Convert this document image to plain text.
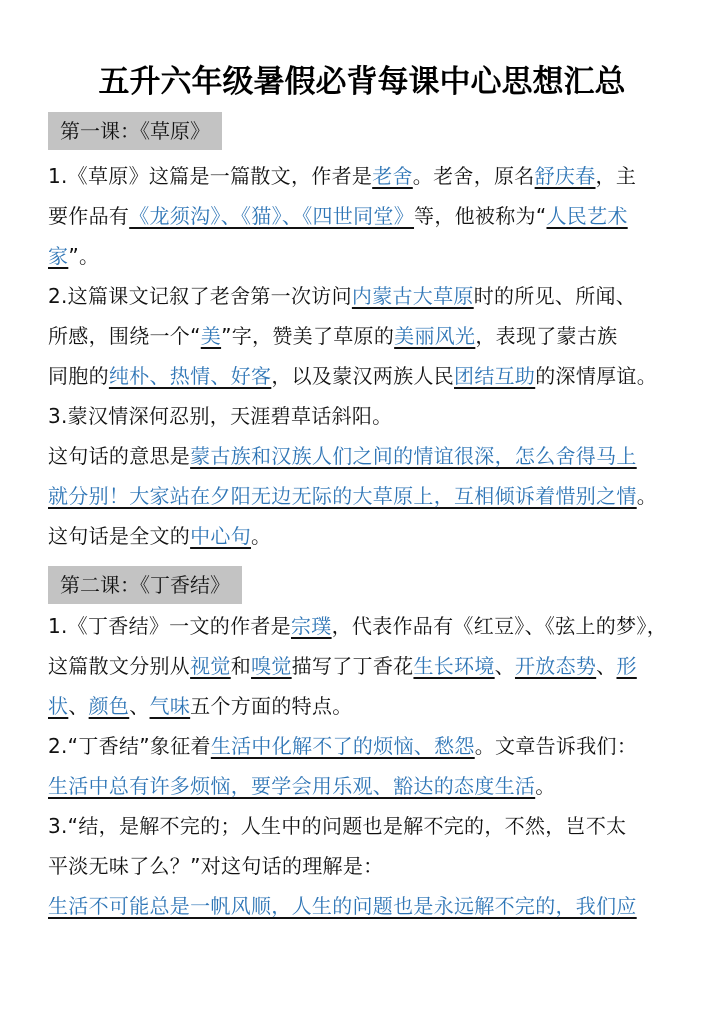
五升六年级暑假必背每课中心思想汇总
第一课：《草原》
1.《草原》这篇是一篇散文，作者是老舍。老舍，原名舒庆春，主
要作品有《龙须沟》、《猫》、《四世同堂》等，他被称为“人民艺术
家”。
2.这篇课文记叙了老舍第一次访问内蒙古大草原时的所见、所闻、
所感，围绕一个“美”字，赞美了草原的美丽风光，表现了蒙古族
同胞的纯朴、热情、好客，以及蒙汉两族人民团结互助的深情厚谊。
3.蒙汉情深何忍别，天涯碧草话斜阳。
这句话的意思是蒙古族和汉族人们之间的情谊很深，怎么舍得马上
就分别！大家站在夕阳无边无际的大草原上，互相倾诉着惜别之情。
这句话是全文的中心句。
第二课：《丁香结》
1.《丁香结》一文的作者是宗璞，代表作品有《红豆》、《弦上的梦》，
这篇散文分别从视觉和嗅觉描写了丁香花生长环境、开放态势、形
状、颜色、气味五个方面的特点。
2.“丁香结”象征着生活中化解不了的烦恼、愁怨。文章告诉我们：
生活中总有许多烦恼，要学会用乐观、豁达的态度生活。
3.“结，是解不完的；人生中的问题也是解不完的，不然，岂不太
平淡无味了么？”对这句话的理解是：
生活不可能总是一帆风顺，人生的问题也是永远解不完的，我们应
